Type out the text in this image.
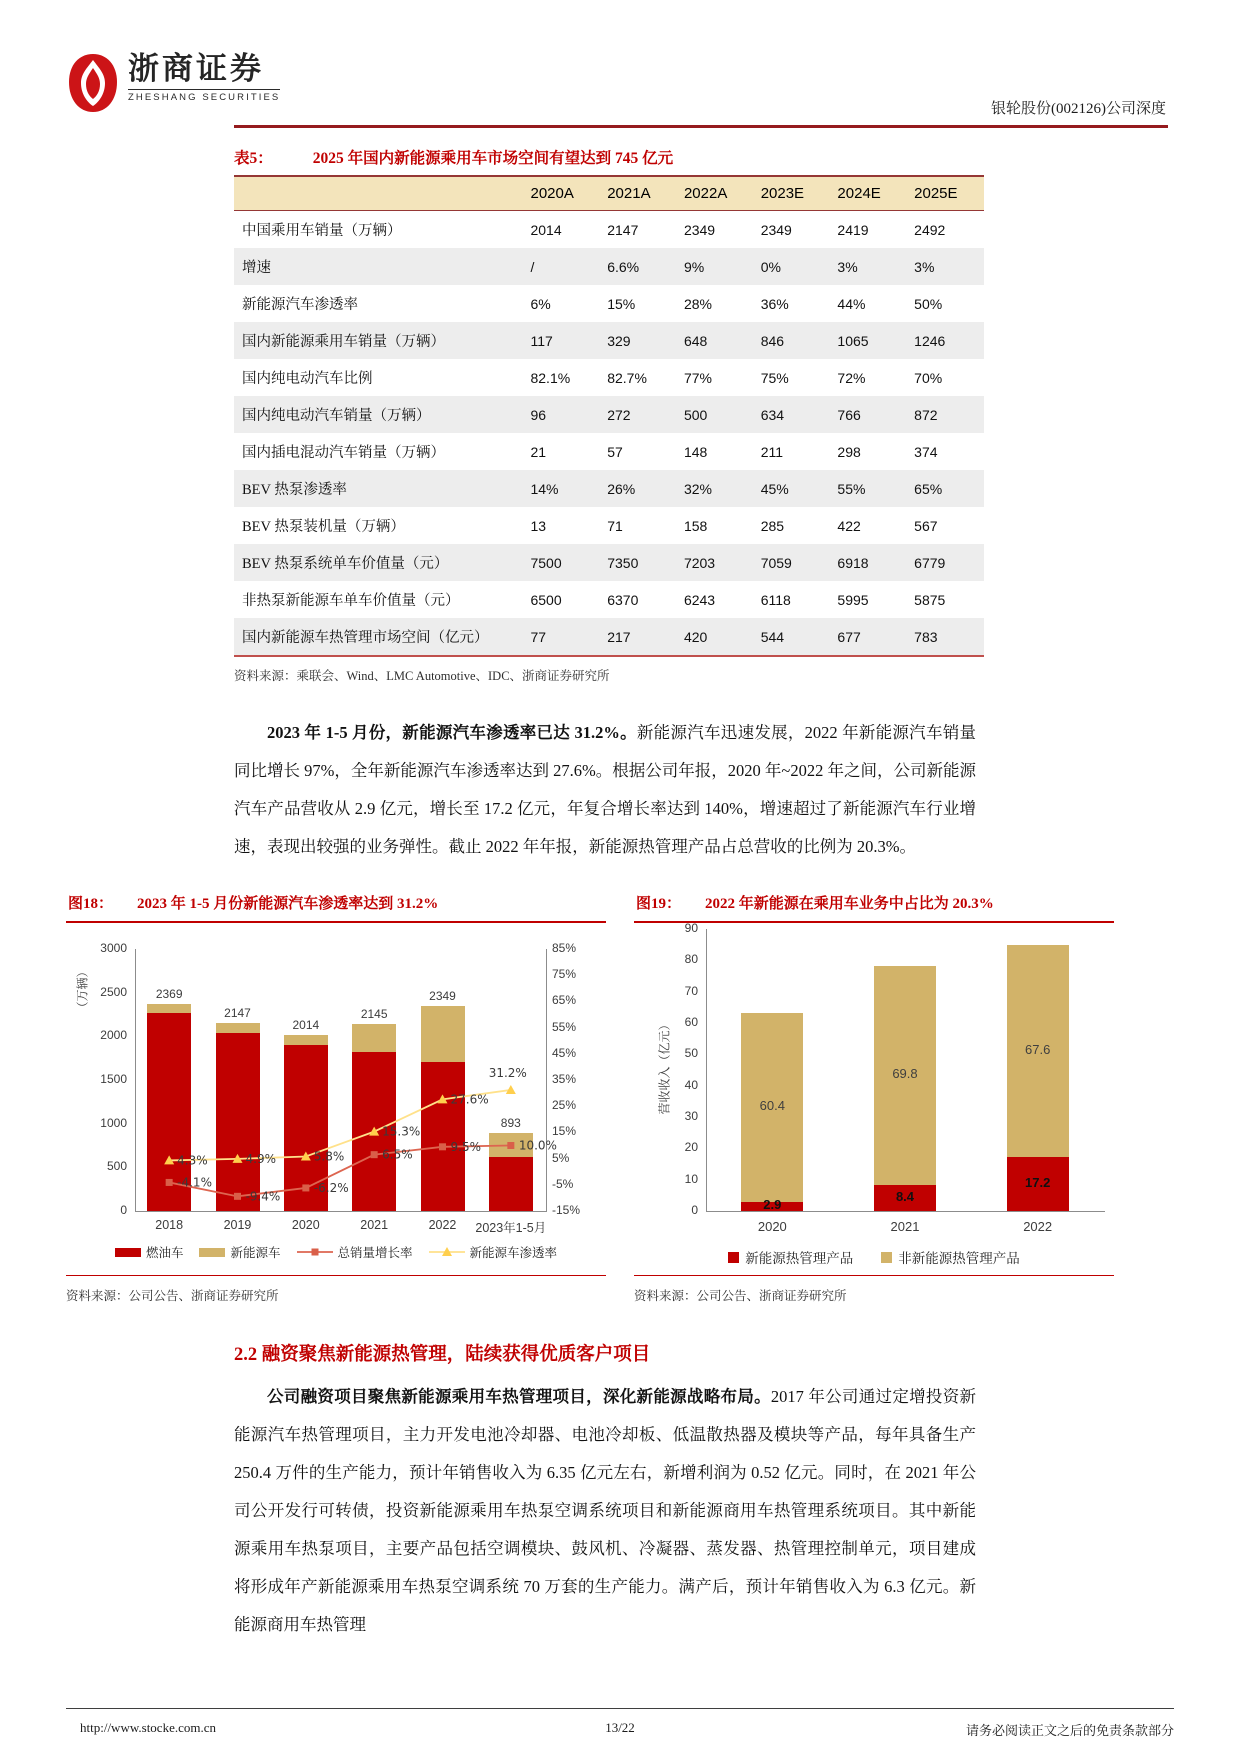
浙商证券
ZHESHANG SECURITIES
银轮股份(002126)公司深度
表5：	2025 年国内新能源乘用车市场空间有望达到 745 亿元
	2020A	2021A	2022A	2023E	2024E	2025E
中国乘用车销量（万辆）	2014	2147	2349	2349	2419	2492
增速	/	6.6%	9%	0%	3%	3%
新能源汽车渗透率	6%	15%	28%	36%	44%	50%
国内新能源乘用车销量（万辆）	117	329	648	846	1065	1246
国内纯电动汽车比例	82.1%	82.7%	77%	75%	72%	70%
国内纯电动汽车销量（万辆）	96	272	500	634	766	872
国内插电混动汽车销量（万辆）	21	57	148	211	298	374
BEV 热泵渗透率	14%	26%	32%	45%	55%	65%
BEV 热泵装机量（万辆）	13	71	158	285	422	567
BEV 热泵系统单车价值量（元）	7500	7350	7203	7059	6918	6779
非热泵新能源车单车价值量（元）	6500	6370	6243	6118	5995	5875
国内新能源车热管理市场空间（亿元）	77	217	420	544	677	783
资料来源：乘联会、Wind、LMC Automotive、IDC、浙商证券研究所

2023 年 1-5 月份，新能源汽车渗透率已达 31.2%。新能源汽车迅速发展，2022 年新能源汽车销量同比增长 97%，全年新能源汽车渗透率达到 27.6%。根据公司年报，2020 年~2022 年之间，公司新能源汽车产品营收从 2.9 亿元，增长至 17.2 亿元，年复合增长率达到 140%，增速超过了新能源汽车行业增速，表现出较强的业务弹性。截止 2022 年年报，新能源热管理产品占总营收的比例为 20.3%。

图18： 2023 年 1-5 月份新能源汽车渗透率达到 31.2%
（万辆）
0
500
1000
1500
2000
2500
3000
-15%
-5%
5%
15%
25%
35%
45%
55%
65%
75%
85%
2369
2018
2147
2019
2014
2020
2145
2021
2349
2022
893
2023年1-5月
-4.1%
-9.4%
-6.2%
6.5%
9.5%	10.0%
4.3%	4.9%	5.8%
15.3%
27.6%
31.2%
燃油车	新能源车	总销量增长率	新能源车渗透率
资料来源：公司公告、浙商证券研究所
图19： 2022 年新能源在乘用车业务中占比为 20.3%
营收收入（亿元）
0
10
20
30
40
50
60
70
80
90
60.4
2.9
2020
69.8
8.4
2021
67.6
17.2
2022
新能源热管理产品	非新能源热管理产品
资料来源：公司公告、浙商证券研究所
2.2 融资聚焦新能源热管理，陆续获得优质客户项目

公司融资项目聚焦新能源乘用车热管理项目，深化新能源战略布局。2017 年公司通过定增投资新能源汽车热管理项目，主力开发电池冷却器、电池冷却板、低温散热器及模块等产品，每年具备生产 250.4 万件的生产能力，预计年销售收入为 6.35 亿元左右，新增利润为 0.52 亿元。同时，在 2021 年公司公开发行可转债，投资新能源乘用车热泵空调系统项目和新能源商用车热管理系统项目。其中新能源乘用车热泵项目，主要产品包括空调模块、鼓风机、冷凝器、蒸发器、热管理控制单元，项目建成将形成年产新能源乘用车热泵空调系统 70 万套的生产能力。满产后，预计年销售收入为 6.3 亿元。新能源商用车热管理

http://www.stocke.com.cn	13/22	请务必阅读正文之后的免责条款部分
